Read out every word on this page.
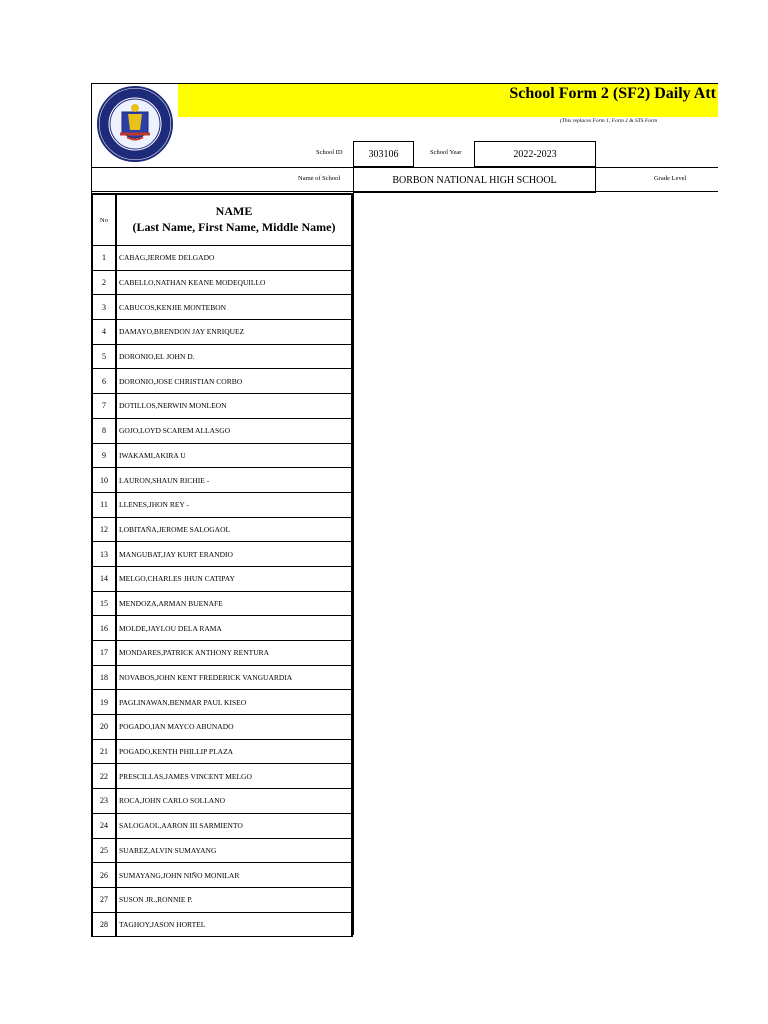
School Form 2 (SF2) Daily Att
(This replaces Form 1, Form 2 & STS Form
School ID	303106	School Year	2022-2023
Name of School	BORBON NATIONAL HIGH SCHOOL	Grade Level
No
NAME
(Last Name, First Name, Middle Name)
1	CABAG,JEROME DELGADO
2	CABELLO,NATHAN KEANE MODEQUILLO
3	CABUCOS,KENJIE MONTEBON
4	DAMAYO,BRENDON JAY ENRIQUEZ
5	DORONIO,EL JOHN D.
6	DORONIO,JOSE CHRISTIAN CORBO
7	DOTILLOS,NERWIN MONLEON
8	GOJO,LOYD SCAREM ALLASGO
9	IWAKAMI,AKIRA U
10	LAURON,SHAUN RICHIE -
11	LLENES,JHON REY -
12	LOBITAÑA,JEROME SALOGAOL
13	MANGUBAT,JAY KURT ERANDIO
14	MELGO,CHARLES JHUN CATIPAY
15	MENDOZA,ARMAN BUENAFE
16	MOLDE,JAYLOU DELA RAMA
17	MONDARES,PATRICK ANTHONY RENTURA
18	NOVABOS,JOHN KENT FREDERICK VANGUARDIA
19	PAGLINAWAN,BENMAR PAUL KISEO
20	POGADO,IAN MAYCO ABUNADO
21	POGADO,KENTH PHILLIP PLAZA
22	PRESCILLAS,JAMES VINCENT MELGO
23	ROCA,JOHN CARLO SOLLANO
24	SALOGAOL,AARON III SARMIENTO
25	SUAREZ,ALVIN SUMAYANG
26	SUMAYANG,JOHN NIÑO MONILAR
27	SUSON JR.,RONNIE P.
28	TAGHOY,JASON HORTEL
